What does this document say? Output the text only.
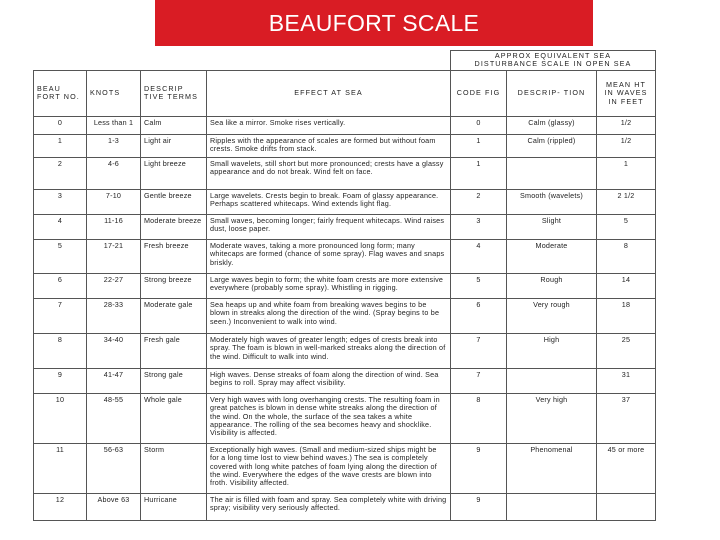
BEAUFORT SCALE

				APPROX EQUIVALENT SEA
DISTURBANCE SCALE IN OPEN SEA		

BEAU FORT NO.	KNOTS	DESCRIP TIVE TERMS	EFFECT AT SEA	CODE FIG	DESCRIP- TION	MEAN HT IN WAVES IN FEET
0	Less than 1	Calm	Sea like a mirror. Smoke rises vertically.	0	Calm (glassy)	1/2
1	1-3	Light air	Ripples with the appearance of scales are formed but without foam crests. Smoke drifts from stack.	1	Calm (rippled)	1/2
2	4-6	Light breeze	Small wavelets, still short but more pronounced; crests have a glassy appearance and do not break. Wind felt on face.	1		1
3	7-10	Gentle breeze	Large wavelets. Crests begin to break. Foam of glassy appearance. Perhaps scattered whitecaps. Wind extends light flag.	2	Smooth (wavelets)	2 1/2
4	11-16	Moderate breeze	Small waves, becoming longer; fairly frequent whitecaps. Wind raises dust, loose paper.	3	Slight	5
5	17-21	Fresh breeze	Moderate waves, taking a more pronounced long form; many whitecaps are formed (chance of some spray). Flag waves and snaps briskly.	4	Moderate	8
6	22-27	Strong breeze	Large waves begin to form; the white foam crests are more extensive everywhere (probably some spray). Whistling in rigging.	5	Rough	14
7	28-33	Moderate gale	Sea heaps up and white foam from breaking waves begins to be blown in streaks along the direction of the wind. (Spray begins to be seen.) Inconvenient to walk into wind.	6	Very rough	18
8	34-40	Fresh gale	Moderately high waves of greater length; edges of crests break into spray. The foam is blown in well-marked streaks along the direction of the wind. Difficult to walk into wind.	7	High	25
9	41-47	Strong gale	High waves. Dense streaks of foam along the direction of wind. Sea begins to roll. Spray may affect visibility.	7		31
10	48-55	Whole gale	Very high waves with long overhanging crests. The resulting foam in great patches is blown in dense white streaks along the direction of the wind. On the whole, the surface of the sea takes a white appearance. The rolling of the sea becomes heavy and shocklike. Visibility is affected.	8	Very high	37
11	56-63	Storm	Exceptionally high waves. (Small and medium-sized ships might be for a long time lost to view behind waves.) The sea is completely covered with long white patches of foam lying along the direction of the wind. Everywhere the edges of the wave crests are blown into froth. Visibility affected.	9	Phenomenal	45 or more
12	Above 63	Hurricane	The air is filled with foam and spray. Sea completely white with driving spray; visibility very seriously affected.	9		
